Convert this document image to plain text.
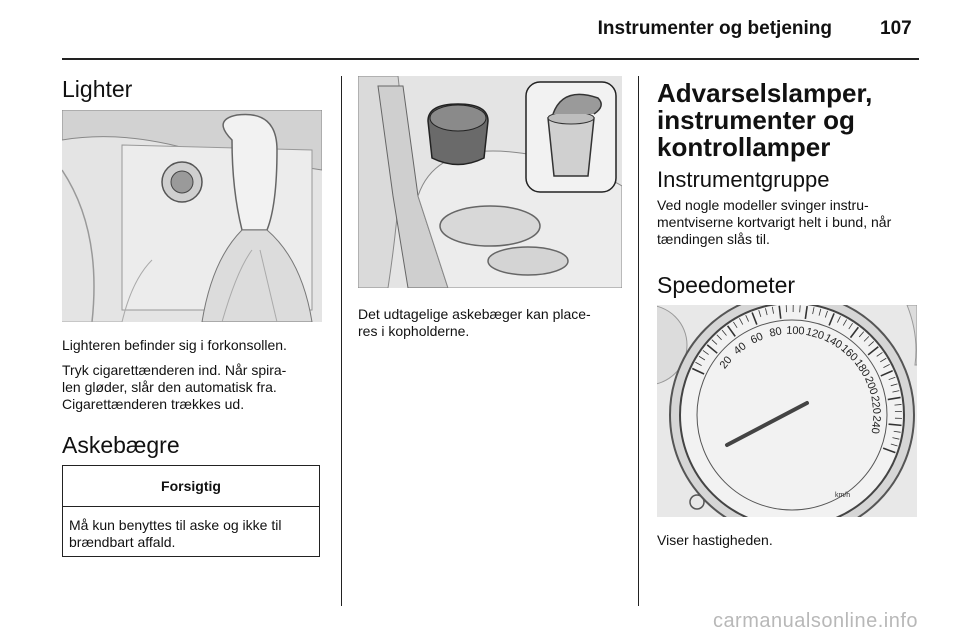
Instrumenter og betjening	107
Lighter

Lighteren befinder sig i forkonsollen.

Tryk cigarettænderen ind. Når spira-

len gløder, slår den automatisk fra.

Cigarettænderen trækkes ud.

Askebægre
Forsigtig
Må kun benyttes til aske og ikke til
brændbart affald.

Det udtagelige askebæger kan place-

res i kopholderne.

Advarselslamper,
instrumenter og
kontrollamper
Instrumentgruppe

Ved nogle modeller svinger instru-

mentviserne kortvarigt helt i bund, når

tændingen slås til.

Speedometer
20
40
60 80 100 120
140
160
180
200
220
240
km/h

Viser hastigheden.

carmanualsonline.info
